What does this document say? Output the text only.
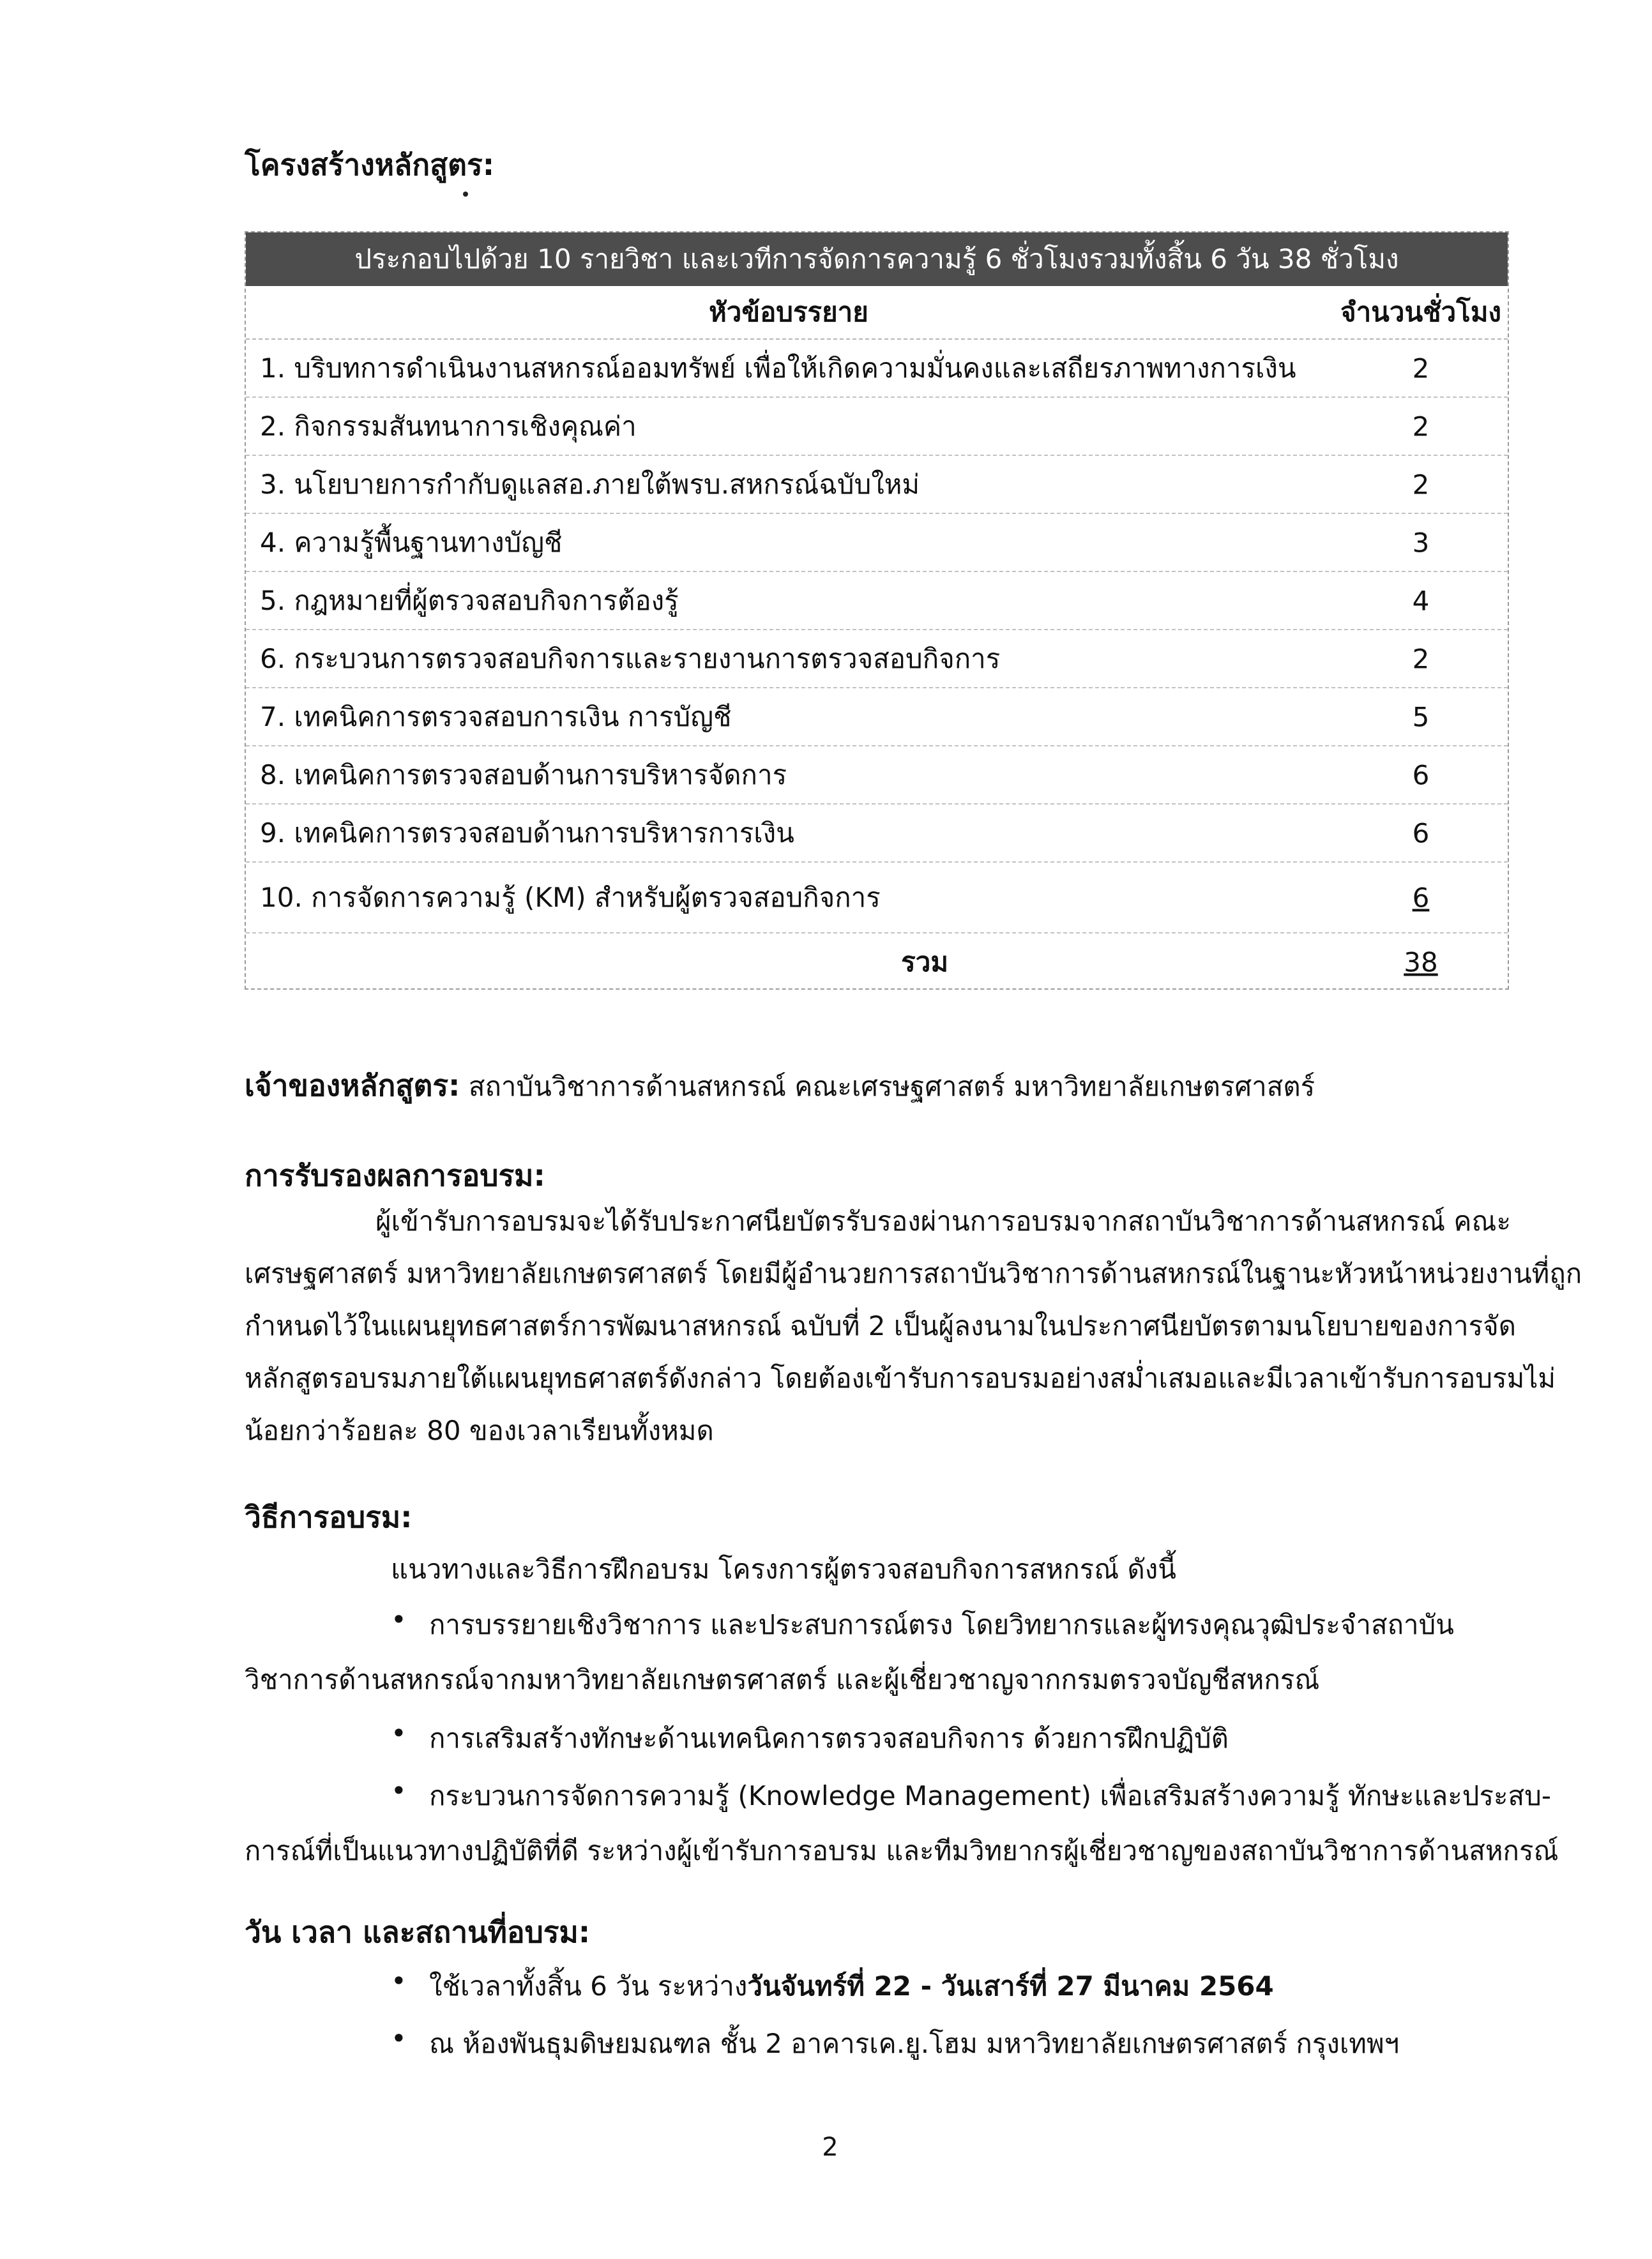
โครงสร้างหลักสูตร:
ประกอบไปด้วย 10 รายวิชา และเวทีการจัดการความรู้ 6 ชั่วโมงรวมทั้งสิ้น 6 วัน 38 ชั่วโมง
หัวข้อบรรยาย	จำนวนชั่วโมง
1. บริบทการดำเนินงานสหกรณ์ออมทรัพย์ เพื่อให้เกิดความมั่นคงและเสถียรภาพทางการเงิน	2
2. กิจกรรมสันทนาการเชิงคุณค่า	2
3. นโยบายการกำกับดูแลสอ.ภายใต้พรบ.สหกรณ์ฉบับใหม่	2
4. ความรู้พื้นฐานทางบัญชี	3
5. กฎหมายที่ผู้ตรวจสอบกิจการต้องรู้	4
6. กระบวนการตรวจสอบกิจการและรายงานการตรวจสอบกิจการ	2
7. เทคนิคการตรวจสอบการเงิน การบัญชี	5
8. เทคนิคการตรวจสอบด้านการบริหารจัดการ	6
9. เทคนิคการตรวจสอบด้านการบริหารการเงิน	6
10. การจัดการความรู้ (KM) สำหรับผู้ตรวจสอบกิจการ	6
รวม	38

เจ้าของหลักสูตร: สถาบันวิชาการด้านสหกรณ์ คณะเศรษฐศาสตร์ มหาวิทยาลัยเกษตรศาสตร์

การรับรองผลการอบรม:

ผู้เข้ารับการอบรมจะได้รับประกาศนียบัตรรับรองผ่านการอบรมจากสถาบันวิชาการด้านสหกรณ์ คณะ

เศรษฐศาสตร์ มหาวิทยาลัยเกษตรศาสตร์ โดยมีผู้อำนวยการสถาบันวิชาการด้านสหกรณ์ในฐานะหัวหน้าหน่วยงานที่ถูก

กำหนดไว้ในแผนยุทธศาสตร์การพัฒนาสหกรณ์ ฉบับที่ 2 เป็นผู้ลงนามในประกาศนียบัตรตามนโยบายของการจัด

หลักสูตรอบรมภายใต้แผนยุทธศาสตร์ดังกล่าว โดยต้องเข้ารับการอบรมอย่างสม่ำเสมอและมีเวลาเข้ารับการอบรมไม่

น้อยกว่าร้อยละ 80 ของเวลาเรียนทั้งหมด

วิธีการอบรม:

แนวทางและวิธีการฝึกอบรม โครงการผู้ตรวจสอบกิจการสหกรณ์ ดังนี้

• การบรรยายเชิงวิชาการ และประสบการณ์ตรง โดยวิทยากรและผู้ทรงคุณวุฒิประจำสถาบัน

วิชาการด้านสหกรณ์จากมหาวิทยาลัยเกษตรศาสตร์ และผู้เชี่ยวชาญจากกรมตรวจบัญชีสหกรณ์

• การเสริมสร้างทักษะด้านเทคนิคการตรวจสอบกิจการ ด้วยการฝึกปฏิบัติ

• กระบวนการจัดการความรู้ (Knowledge Management) เพื่อเสริมสร้างความรู้ ทักษะและประสบ-

การณ์ที่เป็นแนวทางปฏิบัติที่ดี ระหว่างผู้เข้ารับการอบรม และทีมวิทยากรผู้เชี่ยวชาญของสถาบันวิชาการด้านสหกรณ์

วัน เวลา และสถานที่อบรม:
• ใช้เวลาทั้งสิ้น 6 วัน ระหว่างวันจันทร์ที่ 22 - วันเสาร์ที่ 27 มีนาคม 2564

• ณ ห้องพันธุมดิษยมณฑล ชั้น 2 อาคารเค.ยู.โฮม มหาวิทยาลัยเกษตรศาสตร์ กรุงเทพฯ

2
